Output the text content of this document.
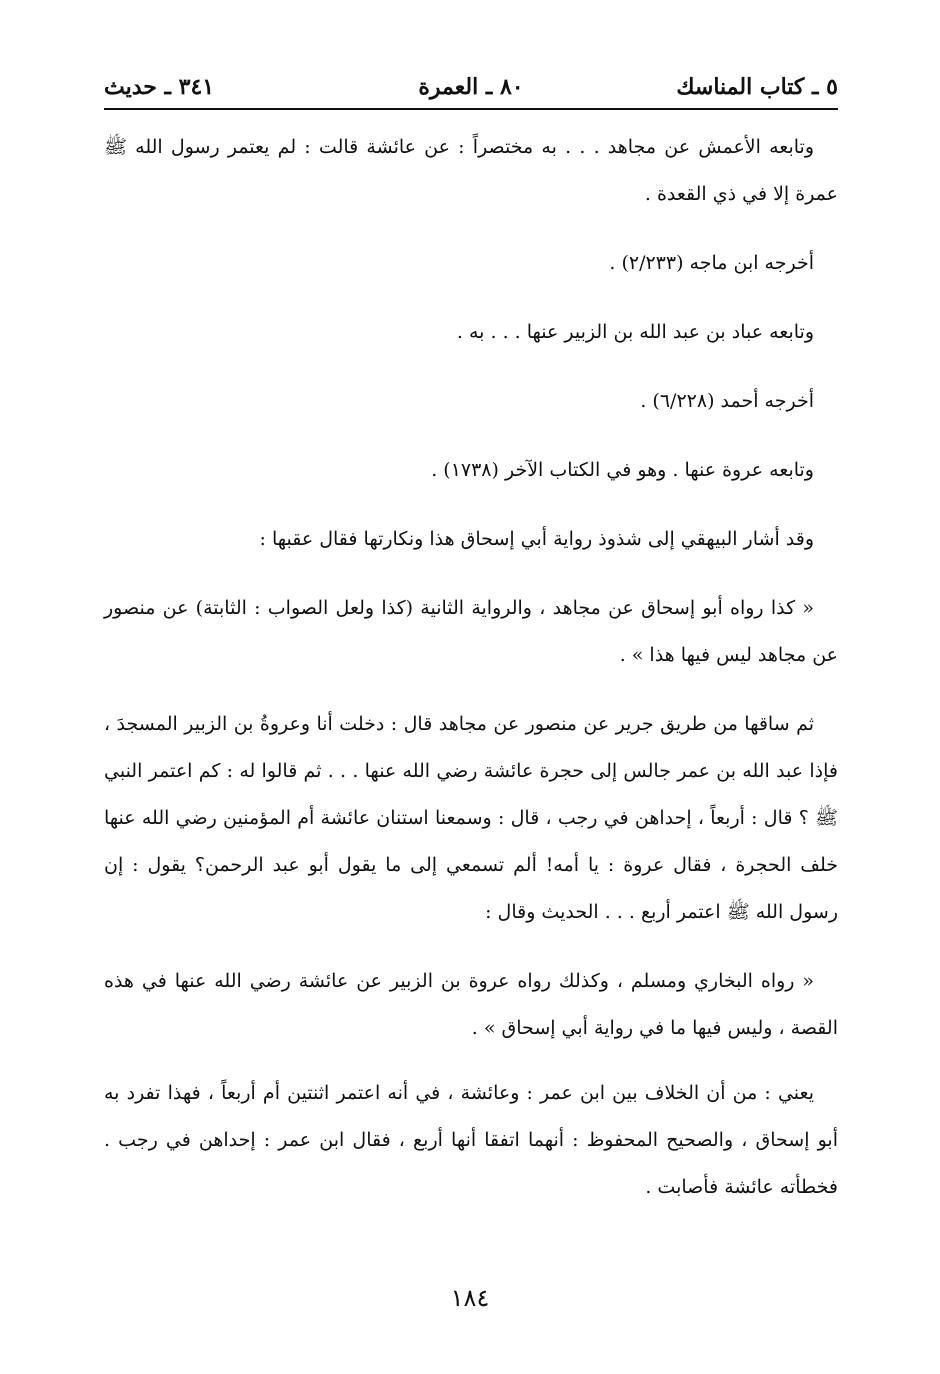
٥ ـ كتاب المناسك
٨٠ ـ العمرة
٣٤١ ـ حديث

وتابعه الأعمش عن مجاهد . . . به مختصراً : عن عائشة قالت : لم يعتمر رسول الله ﷺ عمرة إلا في ذي القعدة .

أخرجه ابن ماجه (٢/٢٣٣) .

وتابعه عباد بن عبد الله بن الزبير عنها . . . به .

أخرجه أحمد (٦/٢٢٨) .

وتابعه عروة عنها . وهو في الكتاب الآخر (١٧٣٨) .

وقد أشار البيهقي إلى شذوذ رواية أبي إسحاق هذا ونكارتها فقال عقبها :

« كذا رواه أبو إسحاق عن مجاهد ، والرواية الثانية (كذا ولعل الصواب : الثابتة) عن منصور عن مجاهد ليس فيها هذا » .

ثم ساقها من طريق جرير عن منصور عن مجاهد قال : دخلت أنا وعروةُ بن الزبير المسجدَ ، فإذا عبد الله بن عمر جالس إلى حجرة عائشة رضي الله عنها . . . ثم قالوا له : كم اعتمر النبي ﷺ ؟ قال : أربعاً ، إحداهن في رجب ، قال : وسمعنا استنان عائشة أم المؤمنين رضي الله عنها خلف الحجرة ، فقال عروة : يا أمه! ألم تسمعي إلى ما يقول أبو عبد الرحمن؟ يقول : إن رسول الله ﷺ اعتمر أربع . . . الحديث وقال :

« رواه البخاري ومسلم ، وكذلك رواه عروة بن الزبير عن عائشة رضي الله عنها في هذه القصة ، وليس فيها ما في رواية أبي إسحاق » .

يعني : من أن الخلاف بين ابن عمر : وعائشة ، في أنه اعتمر اثنتين أم أربعاً ، فهذا تفرد به أبو إسحاق ، والصحيح المحفوظ : أنهما اتفقا أنها أربع ، فقال ابن عمر : إحداهن في رجب . فخطأته عائشة فأصابت .

١٨٤
